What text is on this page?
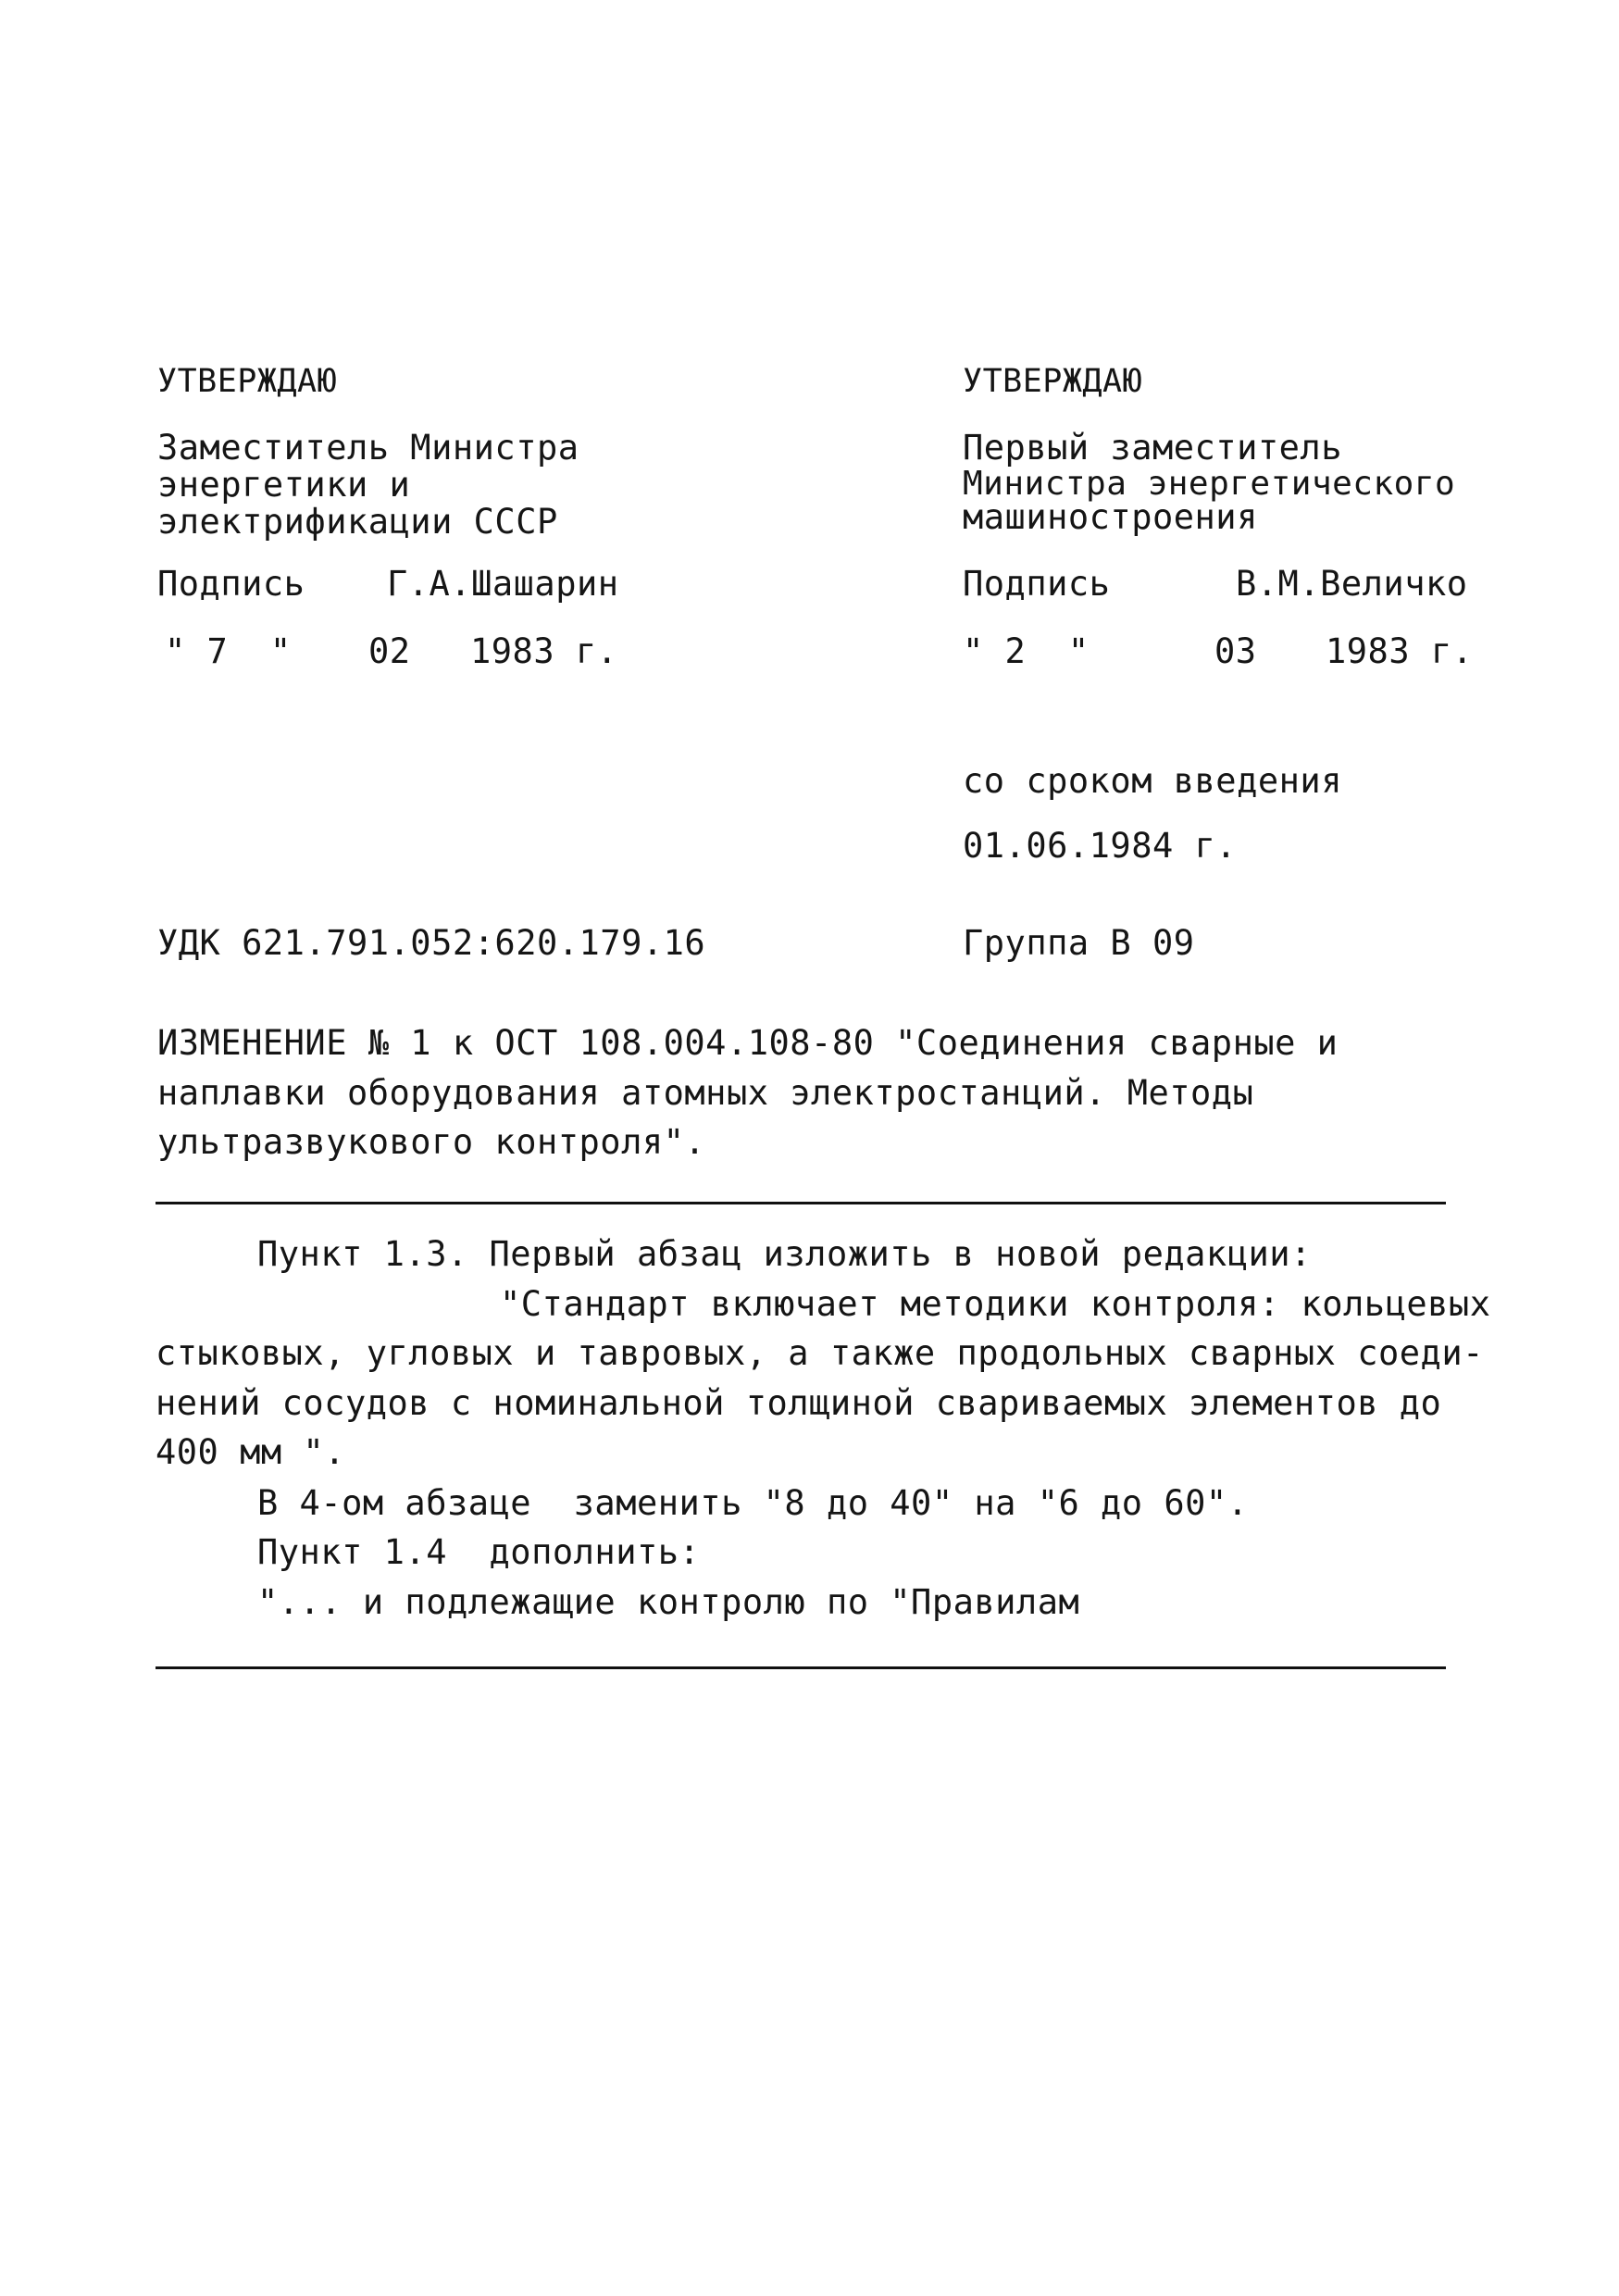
УТВЕРЖДАЮ
Заместитель Министра
энергетики и
электрификации СССР
Подпись Г.А.Шашарин
" 7  " 02 1983 г.
УТВЕРЖДАЮ
Первый заместитель
Министра энергетического
машиностроения
Подпись	В.М.Величко
" 2  "	03 1983 г.
со сроком введения
01.06.1984 г.
УДК 621.791.052:620.179.16	Группа В 09
ИЗМЕНЕНИЕ № 1 к ОСТ 108.004.108-80 "Соединения сварные и
наплавки оборудования атомных электростанций. Методы
ультразвукового контроля".
Пункт 1.3. Первый абзац изложить в новой редакции:
"Стандарт включает методики контроля: кольцевых
стыковых, угловых и тавровых, а также продольных сварных соеди-
нений сосудов с номинальной толщиной свариваемых элементов до
400 мм ".
В 4-ом абзаце  заменить "8 до 40" на "6 до 60".
Пункт 1.4  дополнить:
"... и подлежащие контролю по "Правилам
